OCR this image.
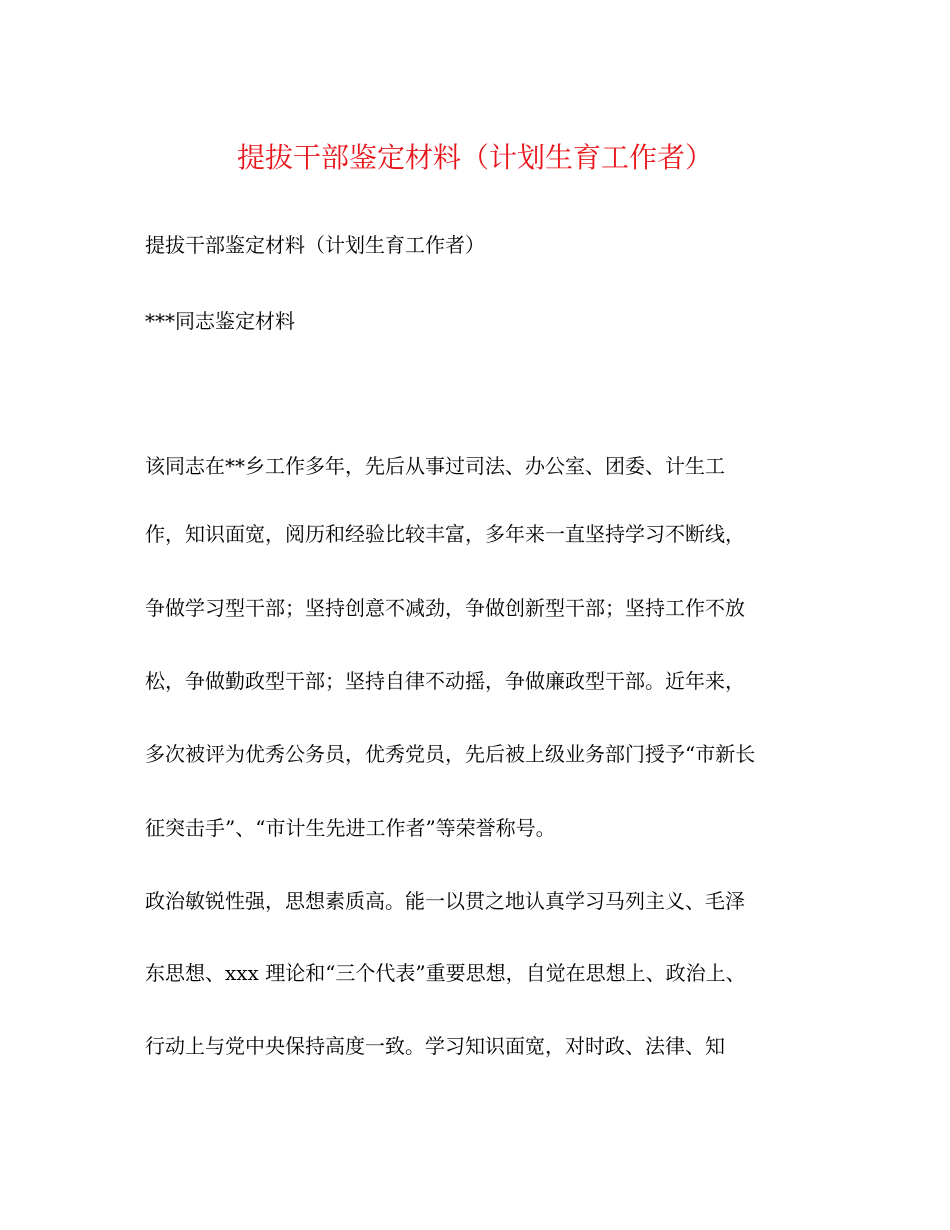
提拔干部鉴定材料（计划生育工作者）
提拔干部鉴定材料（计划生育工作者）
***同志鉴定材料
该同志在**乡工作多年，先后从事过司法、办公室、团委、计生工
作，知识面宽，阅历和经验比较丰富，多年来一直坚持学习不断线，
争做学习型干部；坚持创意不减劲，争做创新型干部；坚持工作不放
松，争做勤政型干部；坚持自律不动摇，争做廉政型干部。近年来，
多次被评为优秀公务员，优秀党员，先后被上级业务部门授予“市新长
征突击手”、“市计生先进工作者”等荣誉称号。
政治敏锐性强，思想素质高。能一以贯之地认真学习马列主义、毛泽
东思想、xxx 理论和“三个代表”重要思想，自觉在思想上、政治上、
行动上与党中央保持高度一致。学习知识面宽，对时政、法律、知
